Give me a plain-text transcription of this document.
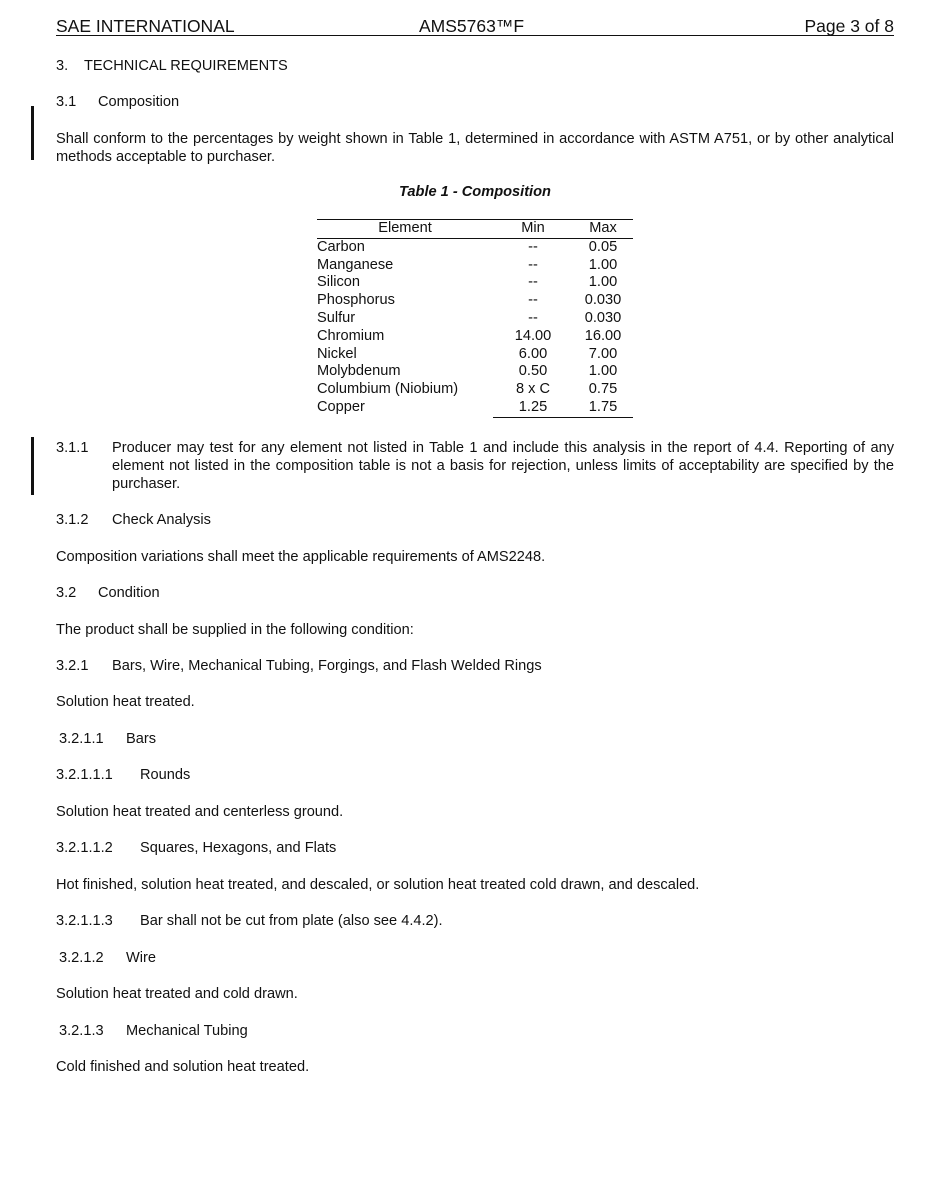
SAE INTERNATIONAL	AMS5763™F	Page 3 of 8
3. TECHNICAL REQUIREMENTS
3.1 Composition
Shall conform to the percentages by weight shown in Table 1, determined in accordance with ASTM A751, or by other analytical methods acceptable to purchaser.
Table 1 - Composition
Element	Min	Max
Carbon	--	0.05
Manganese	--	1.00
Silicon	--	1.00
Phosphorus	--	0.030
Sulfur	--	0.030
Chromium	14.00	16.00
Nickel	6.00	7.00
Molybdenum	0.50	1.00
Columbium (Niobium)	8 x C	0.75
Copper	1.25	1.75
3.1.1 Producer may test for any element not listed in Table 1 and include this analysis in the report of 4.4. Reporting of any element not listed in the composition table is not a basis for rejection, unless limits of acceptability are specified by the purchaser.
3.1.2 Check Analysis
Composition variations shall meet the applicable requirements of AMS2248.
3.2 Condition
The product shall be supplied in the following condition:
3.2.1 Bars, Wire, Mechanical Tubing, Forgings, and Flash Welded Rings
Solution heat treated.
3.2.1.1 Bars
3.2.1.1.1 Rounds
Solution heat treated and centerless ground.
3.2.1.1.2 Squares, Hexagons, and Flats
Hot finished, solution heat treated, and descaled, or solution heat treated cold drawn, and descaled.
3.2.1.1.3 Bar shall not be cut from plate (also see 4.4.2).
3.2.1.2 Wire
Solution heat treated and cold drawn.
3.2.1.3 Mechanical Tubing
Cold finished and solution heat treated.
